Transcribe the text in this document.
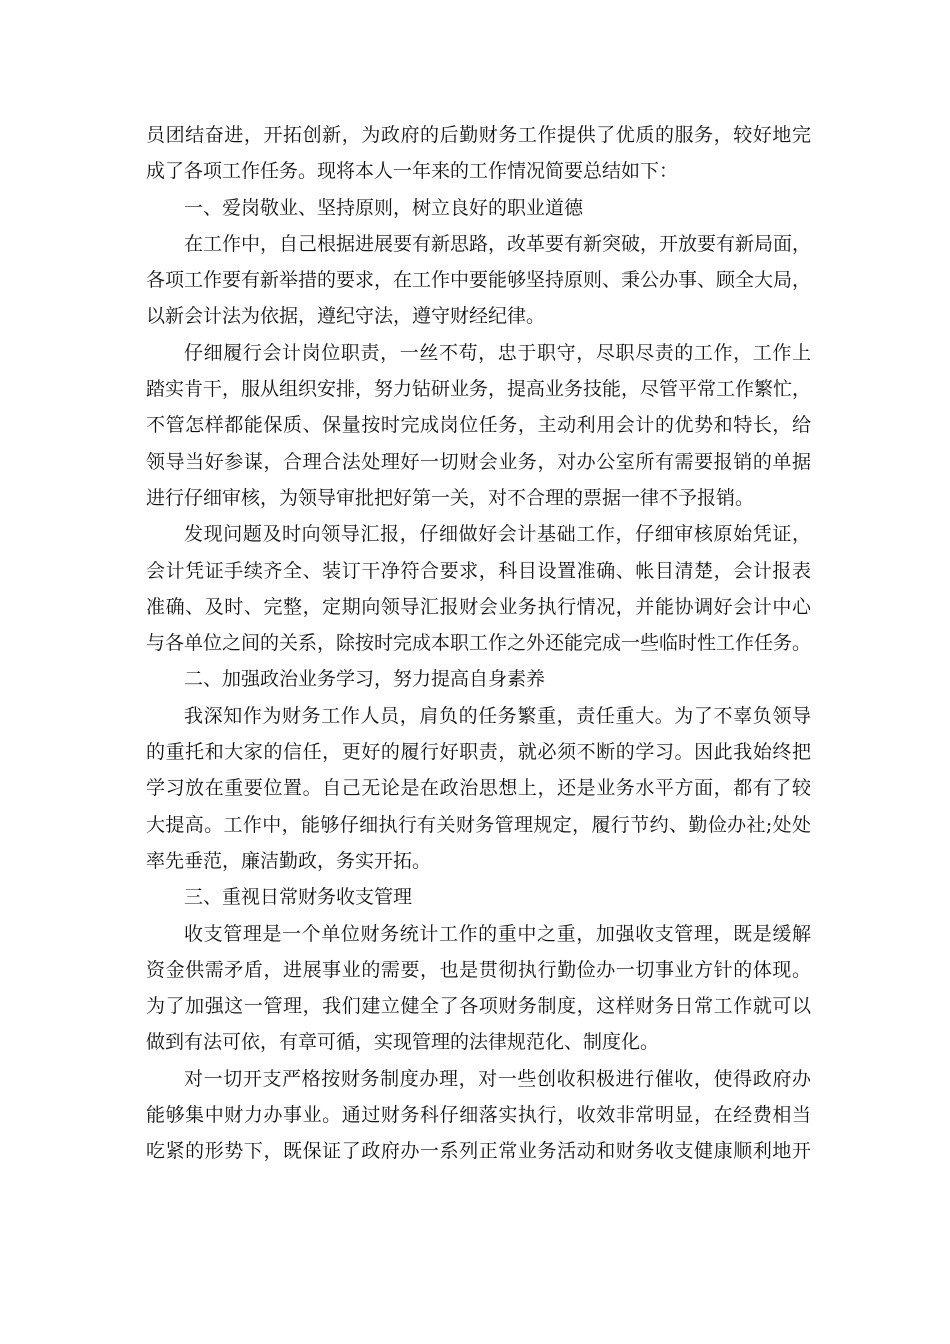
员团结奋进，开拓创新，为政府的后勤财务工作提供了优质的服务，较好地完
成了各项工作任务。现将本人一年来的工作情况简要总结如下：
一、爱岗敬业、坚持原则，树立良好的职业道德
在工作中，自己根据进展要有新思路，改革要有新突破，开放要有新局面，
各项工作要有新举措的要求，在工作中要能够坚持原则、秉公办事、顾全大局，
以新会计法为依据，遵纪守法，遵守财经纪律。
仔细履行会计岗位职责，一丝不苟，忠于职守，尽职尽责的工作，工作上
踏实肯干，服从组织安排，努力钻研业务，提高业务技能，尽管平常工作繁忙，
不管怎样都能保质、保量按时完成岗位任务，主动利用会计的优势和特长，给
领导当好参谋，合理合法处理好一切财会业务，对办公室所有需要报销的单据
进行仔细审核，为领导审批把好第一关，对不合理的票据一律不予报销。
发现问题及时向领导汇报，仔细做好会计基础工作，仔细审核原始凭证，
会计凭证手续齐全、装订干净符合要求，科目设置准确、帐目清楚，会计报表
准确、及时、完整，定期向领导汇报财会业务执行情况，并能协调好会计中心
与各单位之间的关系，除按时完成本职工作之外还能完成一些临时性工作任务。
二、加强政治业务学习，努力提高自身素养
我深知作为财务工作人员，肩负的任务繁重，责任重大。为了不辜负领导
的重托和大家的信任，更好的履行好职责，就必须不断的学习。因此我始终把
学习放在重要位置。自己无论是在政治思想上，还是业务水平方面，都有了较
大提高。工作中，能够仔细执行有关财务管理规定，履行节约、勤俭办社;处处
率先垂范，廉洁勤政，务实开拓。
三、重视日常财务收支管理
收支管理是一个单位财务统计工作的重中之重，加强收支管理，既是缓解
资金供需矛盾，进展事业的需要，也是贯彻执行勤俭办一切事业方针的体现。
为了加强这一管理，我们建立健全了各项财务制度，这样财务日常工作就可以
做到有法可依，有章可循，实现管理的法律规范化、制度化。
对一切开支严格按财务制度办理，对一些创收积极进行催收，使得政府办
能够集中财力办事业。通过财务科仔细落实执行，收效非常明显，在经费相当
吃紧的形势下，既保证了政府办一系列正常业务活动和财务收支健康顺利地开
